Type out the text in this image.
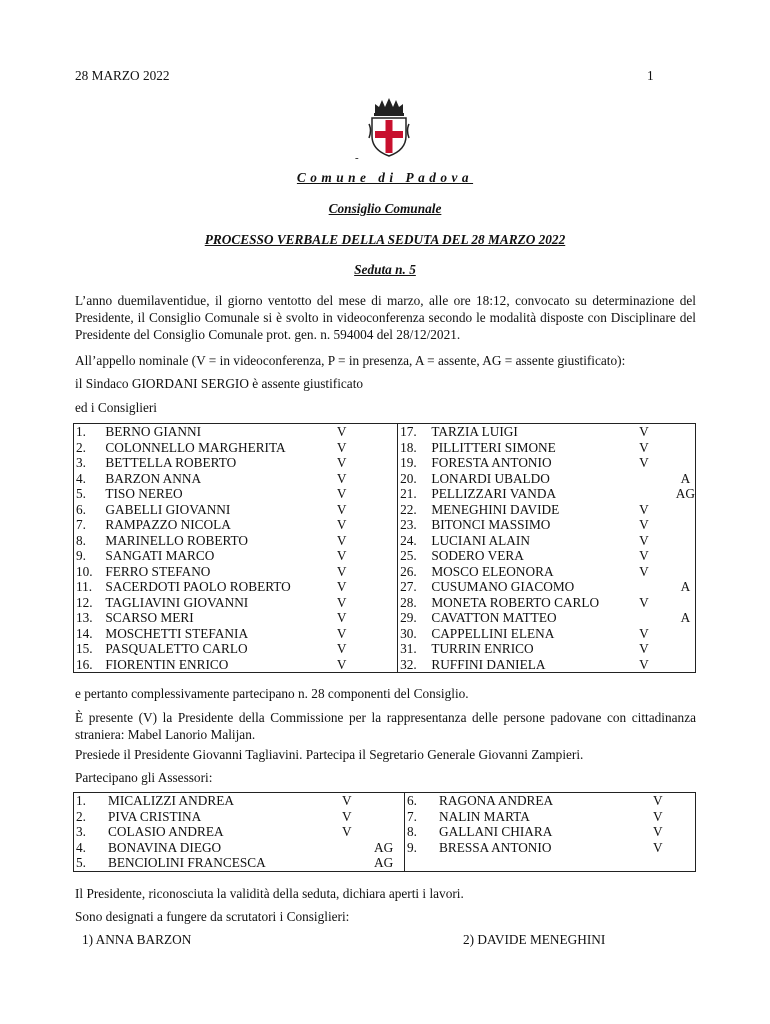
28 MARZO 2022	1
-
Comune di Padova
Consiglio Comunale
PROCESSO VERBALE DELLA SEDUTA DEL 28 MARZO 2022
Seduta n. 5
L’anno duemilaventidue, il giorno ventotto del mese di marzo, alle ore 18:12, convocato su determinazione del Presidente, il Consiglio Comunale si è svolto in videoconferenza secondo le modalità disposte con Disciplinare del Presidente del Consiglio Comunale prot. gen. n. 594004 del 28/12/2021.
All’appello nominale (V = in videoconferenza, P = in presenza, A = assente, AG = assente giustificato):
il Sindaco GIORDANI SERGIO è assente giustificato
ed i Consiglieri
1.	BERNO GIANNI	V		17.	TARZIA LUIGI	V	
2.	COLONNELLO MARGHERITA	V		18.	PILLITTERI SIMONE	V	
3.	BETTELLA ROBERTO	V		19.	FORESTA ANTONIO	V	
4.	BARZON ANNA	V		20.	LONARDI UBALDO		A
5.	TISO NEREO	V		21.	PELLIZZARI VANDA		AG
6.	GABELLI GIOVANNI	V		22.	MENEGHINI DAVIDE	V	
7.	RAMPAZZO NICOLA	V		23.	BITONCI MASSIMO	V	
8.	MARINELLO ROBERTO	V		24.	LUCIANI ALAIN	V	
9.	SANGATI MARCO	V		25.	SODERO VERA	V	
10.	FERRO STEFANO	V		26.	MOSCO ELEONORA	V	
11.	SACERDOTI PAOLO ROBERTO	V		27.	CUSUMANO GIACOMO		A
12.	TAGLIAVINI GIOVANNI	V		28.	MONETA ROBERTO CARLO	V	
13.	SCARSO MERI	V		29.	CAVATTON MATTEO		A
14.	MOSCHETTI STEFANIA	V		30.	CAPPELLINI ELENA	V	
15.	PASQUALETTO CARLO	V		31.	TURRIN ENRICO	V	
16.	FIORENTIN ENRICO	V		32.	RUFFINI DANIELA	V	
e pertanto complessivamente partecipano n. 28 componenti del Consiglio.
È presente (V) la Presidente della Commissione per la rappresentanza delle persone padovane con cittadinanza straniera: Mabel Lanorio Malijan.
Presiede il Presidente Giovanni Tagliavini. Partecipa il Segretario Generale Giovanni Zampieri.
Partecipano gli Assessori:
1.	MICALIZZI ANDREA	V		6.	RAGONA ANDREA	V	
2.	PIVA CRISTINA	V		7.	NALIN MARTA	V	
3.	COLASIO ANDREA	V		8.	GALLANI CHIARA	V	
4.	BONAVINA DIEGO		AG	9.	BRESSA ANTONIO	V	
5.	BENCIOLINI FRANCESCA		AG				
Il Presidente, riconosciuta la validità della seduta, dichiara aperti i lavori.
Sono designati a fungere da scrutatori i Consiglieri:
1) ANNA BARZON	2) DAVIDE MENEGHINI
